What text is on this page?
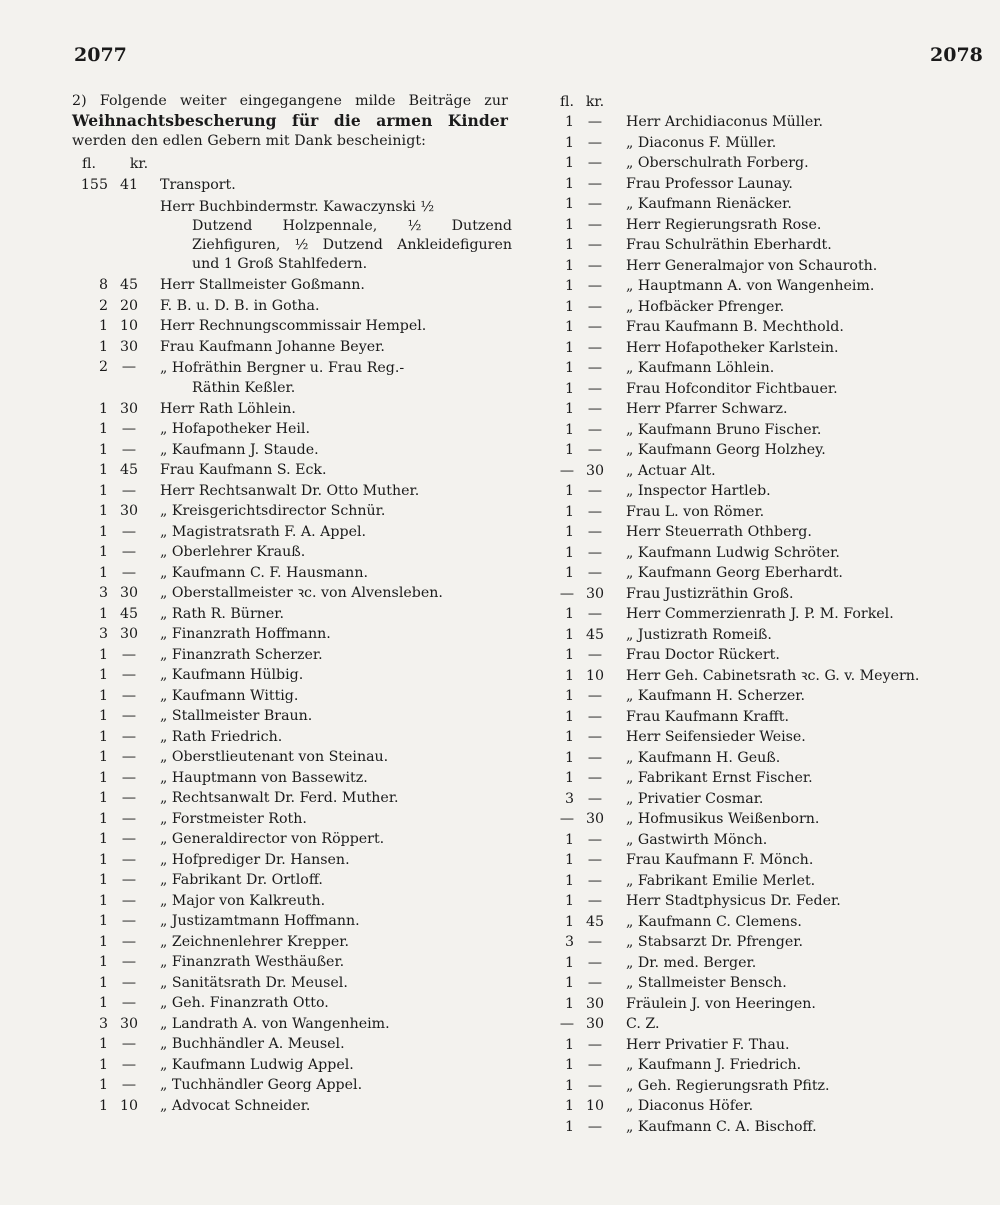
2077	2078

2) Folgende weiter eingegangene milde Beiträge zur Weihnachtsbescherung für die armen Kinder werden den edlen Gebern mit Dank bescheinigt:

fl.	kr.
155 41	Transport.
Herr Buchbindermstr. Kawaczynski ½
Dutzend Holzpennale, ½ Dutzend Ziehfiguren, ½ Dutzend Ankleidefiguren und 1 Groß Stahlfedern.
8 45	Herr Stallmeister Goßmann.
2 20	F. B. u. D. B. in Gotha.
1 10	Herr Rechnungscommissair Hempel.
1 30	Frau Kaufmann Johanne Beyer.
2 —	„ Hofräthin Bergner u. Frau Reg.-
Räthin Keßler.
1 30	Herr Rath Löhlein.
1 —	„ Hofapotheker Heil.
1 —	„ Kaufmann J. Staude.
1 45	Frau Kaufmann S. Eck.
1 —	Herr Rechtsanwalt Dr. Otto Muther.
1 30	„ Kreisgerichtsdirector Schnür.
1 —	„ Magistratsrath F. A. Appel.
1 —	„ Oberlehrer Krauß.
1 —	„ Kaufmann C. F. Hausmann.
3 30	„ Oberstallmeister ꝛc. von Alvensleben.
1 45	„ Rath R. Bürner.
3 30	„ Finanzrath Hoffmann.
1 —	„ Finanzrath Scherzer.
1 —	„ Kaufmann Hülbig.
1 —	„ Kaufmann Wittig.
1 —	„ Stallmeister Braun.
1 —	„ Rath Friedrich.
1 —	„ Oberstlieutenant von Steinau.
1 —	„ Hauptmann von Bassewitz.
1 —	„ Rechtsanwalt Dr. Ferd. Muther.
1 —	„ Forstmeister Roth.
1 —	„ Generaldirector von Röppert.
1 —	„ Hofprediger Dr. Hansen.
1 —	„ Fabrikant Dr. Ortloff.
1 —	„ Major von Kalkreuth.
1 —	„ Justizamtmann Hoffmann.
1 —	„ Zeichnenlehrer Krepper.
1 —	„ Finanzrath Westhäußer.
1 —	„ Sanitätsrath Dr. Meusel.
1 —	„ Geh. Finanzrath Otto.
3 30	„ Landrath A. von Wangenheim.
1 —	„ Buchhändler A. Meusel.
1 —	„ Kaufmann Ludwig Appel.
1 —	„ Tuchhändler Georg Appel.
1 10	„ Advocat Schneider.
fl. kr.
1 —	Herr Archidiaconus Müller.
1 —	„ Diaconus F. Müller.
1 —	„ Oberschulrath Forberg.
1 —	Frau Professor Launay.
1 —	„ Kaufmann Rienäcker.
1 —	Herr Regierungsrath Rose.
1 —	Frau Schulräthin Eberhardt.
1 —	Herr Generalmajor von Schauroth.
1 —	„ Hauptmann A. von Wangenheim.
1 —	„ Hofbäcker Pfrenger.
1 —	Frau Kaufmann B. Mechthold.
1 —	Herr Hofapotheker Karlstein.
1 —	„ Kaufmann Löhlein.
1 —	Frau Hofconditor Fichtbauer.
1 —	Herr Pfarrer Schwarz.
1 —	„ Kaufmann Bruno Fischer.
1 —	„ Kaufmann Georg Holzhey.
— 30	„ Actuar Alt.
1 —	„ Inspector Hartleb.
1 —	Frau L. von Römer.
1 —	Herr Steuerrath Othberg.
1 —	„ Kaufmann Ludwig Schröter.
1 —	„ Kaufmann Georg Eberhardt.
— 30	Frau Justizräthin Groß.
1 —	Herr Commerzienrath J. P. M. Forkel.
1 45	„ Justizrath Romeiß.
1 —	Frau Doctor Rückert.
1 10	Herr Geh. Cabinetsrath ꝛc. G. v. Meyern.
1 —	„ Kaufmann H. Scherzer.
1 —	Frau Kaufmann Krafft.
1 —	Herr Seifensieder Weise.
1 —	„ Kaufmann H. Geuß.
1 —	„ Fabrikant Ernst Fischer.
3 —	„ Privatier Cosmar.
— 30	„ Hofmusikus Weißenborn.
1 —	„ Gastwirth Mönch.
1 —	Frau Kaufmann F. Mönch.
1 —	„ Fabrikant Emilie Merlet.
1 —	Herr Stadtphysicus Dr. Feder.
1 45	„ Kaufmann C. Clemens.
3 —	„ Stabsarzt Dr. Pfrenger.
1 —	„ Dr. med. Berger.
1 —	„ Stallmeister Bensch.
1 30	Fräulein J. von Heeringen.
— 30	C. Z.
1 —	Herr Privatier F. Thau.
1 —	„ Kaufmann J. Friedrich.
1 —	„ Geh. Regierungsrath Pfitz.
1 10	„ Diaconus Höfer.
1 —	„ Kaufmann C. A. Bischoff.
